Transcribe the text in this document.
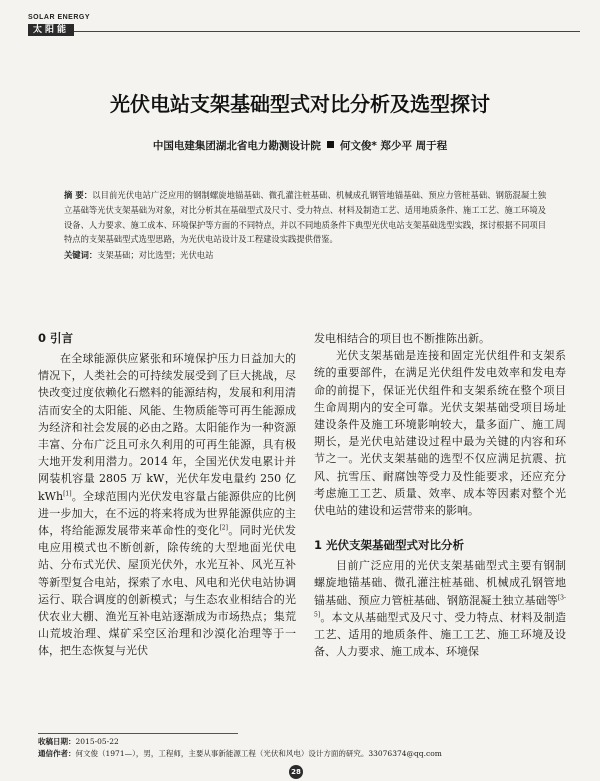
SOLAR ENERGY
太阳能
光伏电站支架基础型式对比分析及选型探讨
中国电建集团湖北省电力勘测设计院 何文俊* 郑少平 周于程

摘 要：以目前光伏电站广泛应用的钢制螺旋地锚基础、微孔灌注桩基础、机械成孔钢管地锚基础、预应力管桩基础、钢筋混凝土独立基础等光伏支架基础为对象，对比分析其在基础型式及尺寸、受力特点、材料及制造工艺、适用地质条件、施工工艺、施工环境及设备、人力要求、施工成本、环境保护等方面的不同特点，并以不同地质条件下典型光伏电站支架基础选型实践，探讨根据不同项目特点的支架基础型式选型思路，为光伏电站设计及工程建设实践提供借鉴。

关键词：支架基础；对比选型；光伏电站

0 引言

在全球能源供应紧张和环境保护压力日益加大的情况下，人类社会的可持续发展受到了巨大挑战，尽快改变过度依赖化石燃料的能源结构，发展和利用清洁而安全的太阳能、风能、生物质能等可再生能源成为经济和社会发展的必由之路。太阳能作为一种资源丰富、分布广泛且可永久利用的可再生能源，具有极大地开发利用潜力。2014 年，全国光伏发电累计并网装机容量 2805 万 kW，光伏年发电量约 250 亿 kWh[1]。全球范围内光伏发电容量占能源供应的比例进一步加大，在不远的将来将成为世界能源供应的主体，将给能源发展带来革命性的变化[2]。同时光伏发电应用模式也不断创新，除传统的大型地面光伏电站、分布式光伏、屋顶光伏外，水光互补、风光互补等新型复合电站，探索了水电、风电和光伏电站协调运行、联合调度的创新模式；与生态农业相结合的光伏农业大棚、渔光互补电站逐渐成为市场热点；集荒山荒坡治理、煤矿采空区治理和沙漠化治理等于一体，把生态恢复与光伏

发电相结合的项目也不断推陈出新。

光伏支架基础是连接和固定光伏组件和支架系统的重要部件，在满足光伏组件发电效率和发电寿命的前提下，保证光伏组件和支架系统在整个项目生命周期内的安全可靠。光伏支架基础受项目场址建设条件及施工环境影响较大，量多面广、施工周期长，是光伏电站建设过程中最为关键的内容和环节之一。光伏支架基础的选型不仅应满足抗震、抗风、抗雪压、耐腐蚀等受力及性能要求，还应充分考虑施工工艺、质量、效率、成本等因素对整个光伏电站的建设和运营带来的影响。

1 光伏支架基础型式对比分析

目前广泛应用的光伏支架基础型式主要有钢制螺旋地锚基础、微孔灌注桩基础、机械成孔钢管地锚基础、预应力管桩基础、钢筋混凝土独立基础等[3-5]。本文从基础型式及尺寸、受力特点、材料及制造工艺、适用的地质条件、施工工艺、施工环境及设备、人力要求、施工成本、环境保

收稿日期：2015-05-22
通信作者：何文俊（1971—），男，工程师，主要从事新能源工程（光伏和风电）设计方面的研究。33076374@qq.com
28
